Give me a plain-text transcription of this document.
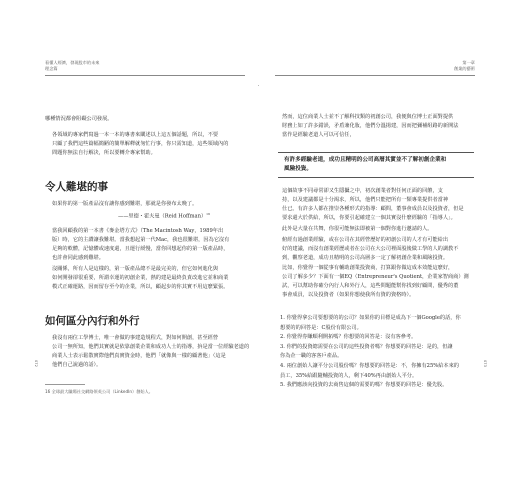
看懂人經濟，發現股市的未來
理念篇
哪種情況都會阻礙公司發展。
各領域的專家們寫過一本一本的專書來闡述以上這五個話題，所以，不要
只顧了我們這些篇幅簡陋的簡單解釋就匆忙行事，你只需知道，這些領域內的
問題你無法自行解決，所以要轉介專家幫助。
令人難堪的事
如果你的第一版產品沒有讓你感到難堪，那就是你發布太晚了。
——里德・霍夫曼（Reid Hoffman）$^{16}$
當我回顧我的第一本書《麥金塔方式》（The Macintosh Way，1989年出
版）時，它的主讚讓我難堪。當我想起第一代Mac，我也很難堪，因為它沒有
足夠的軟體，記憶體或速度還，且運行緩慢，當你回想起你的第一版產品時，
也許會同此感到難堪。
沒關係，所有人是這樣的，第一版產品總不是最完美的，但它如何進化與
如何開發卻很重要，所謂幸運的初創企業，熱的建是最終負責改進它並和商業
模式正確運路，因而留存至今的企業，所以，顧起步的你其實不用這麼緊張。
如何區分內行和外行
我沒有兩位工學博士，唯一會做的事建造規程式，對如何開創，甚至經營
公司一無所知，他們其實就是依靠創業企業和成功人士的指導，拚是當一位經驗老道的
商業人士表示鬆散實際他們真實資金時，他們「就像與一樣的顧著他」（這是
他們自己說過的話）。
16 全球最大職場社交網路領英公司（LinkedIn）創始人。
072
第一章
創業的藝術
然而，這位商業人士並不了解科技類的初創公司，我便與位博士正面對提供
財務上如了許多錯誤，矛盾兼化妝，他們分溫揚建，因而把彌補組路的新開法
當作是經驗老道人可以可信任，
有許多經驗老道，成功且精明的公司高層其實並不了解初創企業和
風險投資。
這個故事不同尋常卻又生隱攝之中，初次創業者對任何正面的回饋，支
持，以及建議都是十分渴求，所以，他們只能把所有一類專業提供者當神
仕已。有許多人都在推崇各種形式的指導：顧問，董事會成員以及投資者，但是
要求還大於供給，所以，你要引起確建立一個其實沒什麼經驗的「指導人」。
此外是大量在共舞，你很可能無法即被第一個對你進行邀請的人。
俯經有過創業經驗，或在公司在其經營歷好的初創公司的人才有可能給出
好的建議，而沒有創業經歷或者在公司在大公司裡面股後做工學的人的調教不
到，觀察老道，成功且精明的公司高層多一定了解初創企業和風險投資。
比如，你覺得一個從事有輔助創業投資商，打算跟你做這成本效能這麼好，
公司了解多少？下面有一個EQ（Entrepreneur's Quotient，企業家智商商）測
試，可以幫助你確分內行人和外行人，這些問題能幫你找到好顧問，優秀的董
事會成員，以及投資者（如果你想使我所有資的資格時）。
1. 你覺得拿公司要想要的的公司？如果你的目標是成為下一個Google的話，你
想要的的回答是：C股份有限公司。
2. 你覺得券賺順利開拓嗎？你想要的回答是：沒有客參考。
3. 你們的投資總需要在公司的這些投資者嗎？你想要的回答是：是的，但讓
你為企一職的客客戶產品。
4. 兩位創始人讓平分公司股份嗎？你想要的回答是：不，你擁有25%給本來的
員工，35%給跟隨輔投資的人，剩下40%再由創始人平分。
5. 我們應該向投資的去商售這個的需要的嗎？你想要的回答是：優先股。
073
